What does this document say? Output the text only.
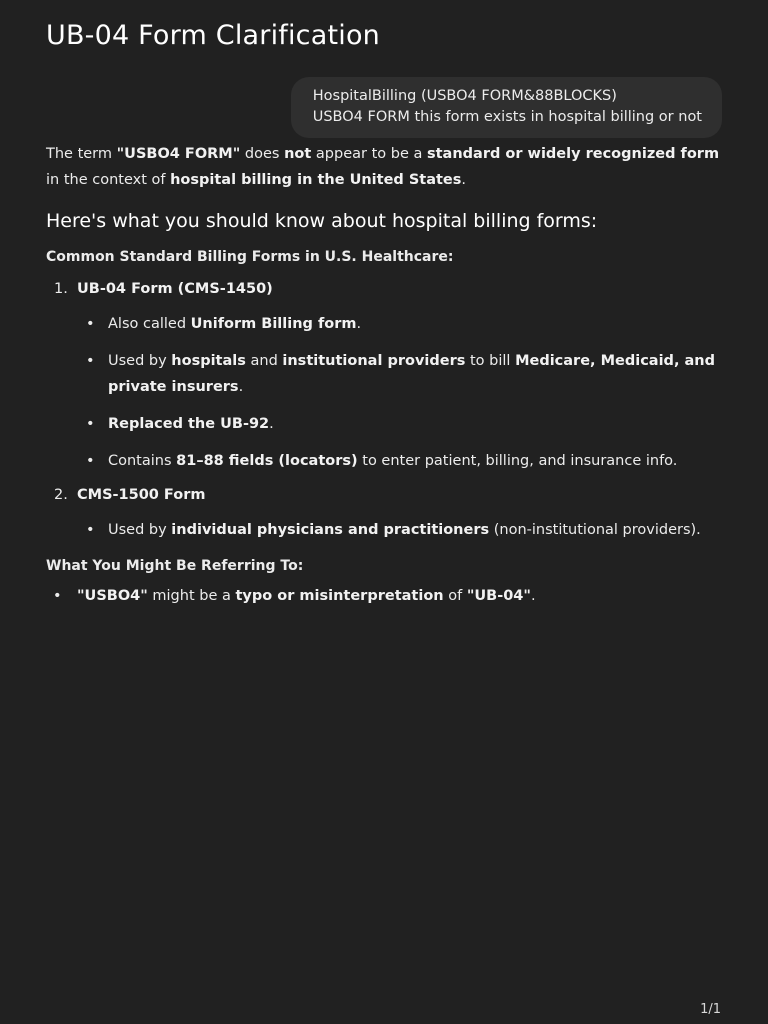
UB-04 Form Clarification
HospitalBilling (USBO4 FORM&88BLOCKS)
USBO4 FORM this form exists in hospital billing or not

The term "USBO4 FORM" does not appear to be a standard or widely recognized form in the context of hospital billing in the United States.

Here's what you should know about hospital billing forms:
Common Standard Billing Forms in U.S. Healthcare:
1. UB-04 Form (CMS-1450)
• Also called Uniform Billing form.
• Used by hospitals and institutional providers to bill Medicare, Medicaid, and private insurers.
• Replaced the UB-92.
• Contains 81–88 fields (locators) to enter patient, billing, and insurance info.
2. CMS-1500 Form
• Used by individual physicians and practitioners (non-institutional providers).
What You Might Be Referring To:
• "USBO4" might be a typo or misinterpretation of "UB-04".
1/1
